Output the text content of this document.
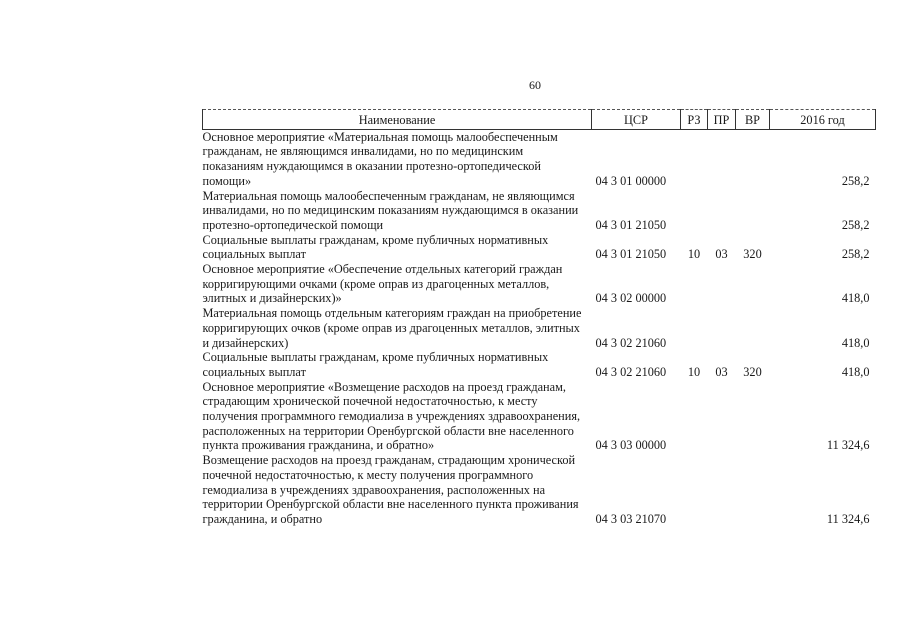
60
Наименование	ЦСР	РЗ	ПР	ВР	2016 год
Основное мероприятие «Материальная помощь малообеспеченным гражданам, не являющимся инвалидами, но по медицинским показаниям нуждающимся в оказании протезно-ортопедической помощи»	04 3 01 00000				258,2
Материальная помощь малообеспеченным гражданам, не являющимся инвалидами, но по медицинским показаниям нуждающимся в оказании протезно-ортопедической помощи	04 3 01 21050				258,2
Социальные выплаты гражданам, кроме публичных нормативных социальных выплат	04 3 01 21050	10	03	320	258,2
Основное мероприятие «Обеспечение отдельных категорий граждан корригирующими очками (кроме оправ из драгоценных металлов, элитных и дизайнерских)»	04 3 02 00000				418,0
Материальная помощь отдельным категориям граждан на приобретение корригирующих очков (кроме оправ из драгоценных металлов, элитных и дизайнерских)	04 3 02 21060				418,0
Социальные выплаты гражданам, кроме публичных нормативных социальных выплат	04 3 02 21060	10	03	320	418,0
Основное мероприятие «Возмещение расходов на проезд гражданам, страдающим хронической почечной недостаточностью, к месту получения программного гемодиализа в учреждениях здравоохранения, расположенных на территории Оренбургской области вне населенного пункта проживания гражданина, и обратно»	04 3 03 00000				11 324,6
Возмещение расходов на проезд гражданам, страдающим хронической почечной недостаточностью, к месту получения программного гемодиализа в учреждениях здравоохранения, расположенных на территории Оренбургской области вне населенного пункта проживания гражданина, и обратно	04 3 03 21070				11 324,6
